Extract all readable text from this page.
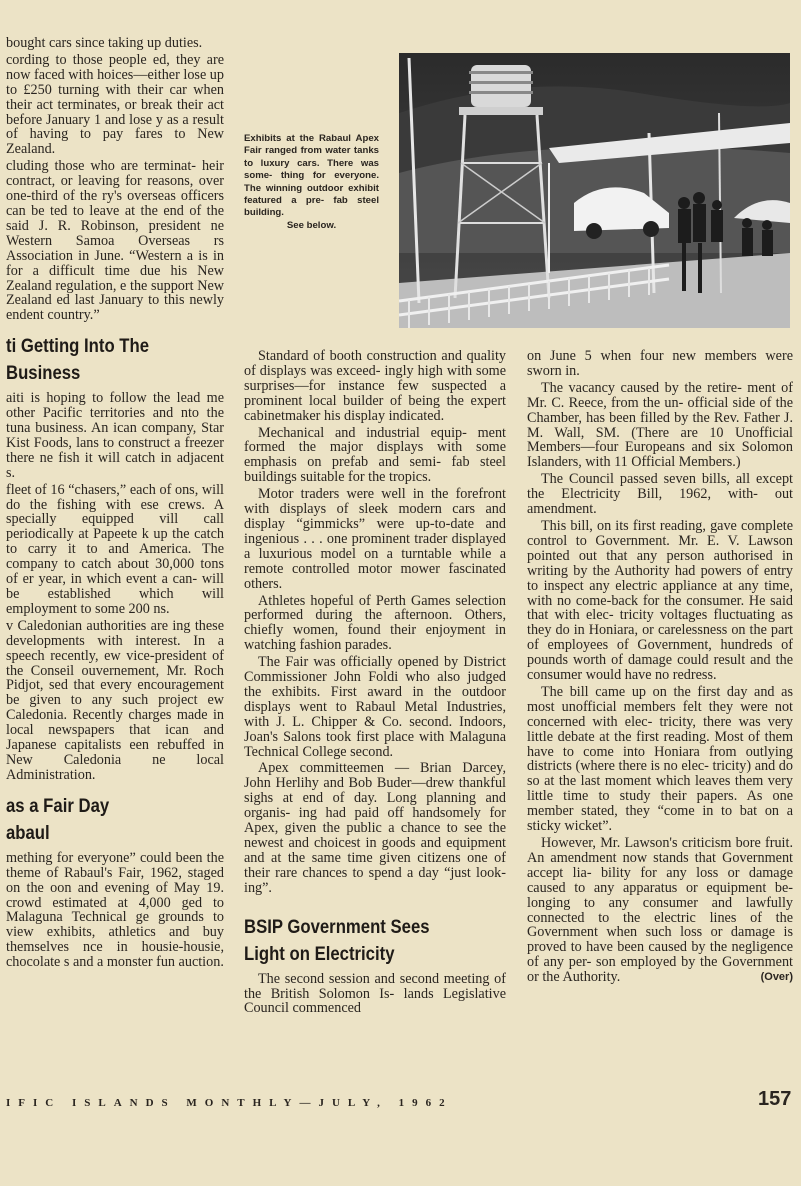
bought cars since taking up duties.

cording to those people ed, they are now faced with hoices—either lose up to £250 turning with their car when their act terminates, or break their act before January 1 and lose y as a result of having to pay fares to New Zealand.

cluding those who are terminat- heir contract, or leaving for reasons, over one-third of the ry's overseas officers can be ted to leave at the end of the said J. R. Robinson, president ne Western Samoa Overseas rs Association in June. “Western a is in for a difficult time due his New Zealand regulation, e the support New Zealand ed last January to this newly endent country.”

ti Getting Into The
Business

aiti is hoping to follow the lead me other Pacific territories and nto the tuna business. An ican company, Star Kist Foods, lans to construct a freezer there ne fish it will catch in adjacent s.

fleet of 16 “chasers,” each of ons, will do the fishing with ese crews. A specially equipped vill call periodically at Papeete k up the catch to carry it to and America. The company to catch about 30,000 tons of er year, in which event a can- will be established which will employment to some 200 ns.

v Caledonian authorities are ing these developments with interest. In a speech recently, ew vice-president of the Conseil ouvernement, Mr. Roch Pidjot, sed that every encouragement be given to any such project ew Caledonia. Recently charges made in local newspapers that ican and Japanese capitalists een rebuffed in New Caledonia ne local Administration.

as a Fair Day
abaul

mething for everyone” could been the theme of Rabaul's Fair, 1962, staged on the oon and evening of May 19. crowd estimated at 4,000 ged to Malaguna Technical ge grounds to view exhibits, athletics and buy themselves nce in housie-housie, chocolate s and a monster fun auction.

Exhibits at the Rabaul Apex Fair ranged from water tanks to luxury cars. There was some- thing for everyone. The winning outdoor exhibit featured a pre- fab steel building.
See below.

Standard of booth construction and quality of displays was exceed- ingly high with some surprises—for instance few suspected a prominent local builder of being the expert cabinetmaker his display indicated.

Mechanical and industrial equip- ment formed the major displays with some emphasis on prefab and semi- fab steel buildings suitable for the tropics.

Motor traders were well in the forefront with displays of sleek modern cars and display “gimmicks” were up-to-date and ingenious . . . one prominent trader displayed a luxurious model on a turntable while a remote controlled motor mower fascinated others.

Athletes hopeful of Perth Games selection performed during the afternoon. Others, chiefly women, found their enjoyment in watching fashion parades.

The Fair was officially opened by District Commissioner John Foldi who also judged the exhibits. First award in the outdoor displays went to Rabaul Metal Industries, with J. L. Chipper & Co. second. Indoors, Joan's Salons took first place with Malaguna Technical College second.

Apex committeemen — Brian Darcey, John Herlihy and Bob Buder—drew thankful sighs at end of day. Long planning and organis- ing had paid off handsomely for Apex, given the public a chance to see the newest and choicest in goods and equipment and at the same time given citizens one of their rare chances to spend a day “just look- ing”.

BSIP Government Sees
Light on Electricity

The second session and second meeting of the British Solomon Is- lands Legislative Council commenced

on June 5 when four new members were sworn in.

The vacancy caused by the retire- ment of Mr. C. Reece, from the un- official side of the Chamber, has been filled by the Rev. Father J. M. Wall, SM. (There are 10 Unofficial Members—four Europeans and six Solomon Islanders, with 11 Official Members.)

The Council passed seven bills, all except the Electricity Bill, 1962, with- out amendment.

This bill, on its first reading, gave complete control to Government. Mr. E. V. Lawson pointed out that any person authorised in writing by the Authority had powers of entry to inspect any electric appliance at any time, with no come-back for the consumer. He said that with elec- tricity voltages fluctuating as they do in Honiara, or carelessness on the part of employees of Government, hundreds of pounds worth of damage could result and the consumer would have no redress.

The bill came up on the first day and as most unofficial members felt they were not concerned with elec- tricity, there was very little debate at the first reading. Most of them have to come into Honiara from outlying districts (where there is no elec- tricity) and do so at the last moment which leaves them very little time to study their papers. As one member stated, they “come in to bat on a sticky wicket”.

However, Mr. Lawson's criticism bore fruit. An amendment now stands that Government accept lia- bility for any loss or damage caused to any apparatus or equipment be- longing to any consumer and lawfully connected to the electric lines of the Government when such loss or damage is proved to have been caused by the negligence of any per- son employed by the Government or the Authority.	(Over)

IFIC ISLANDS MONTHLY—JULY, 1962	157
